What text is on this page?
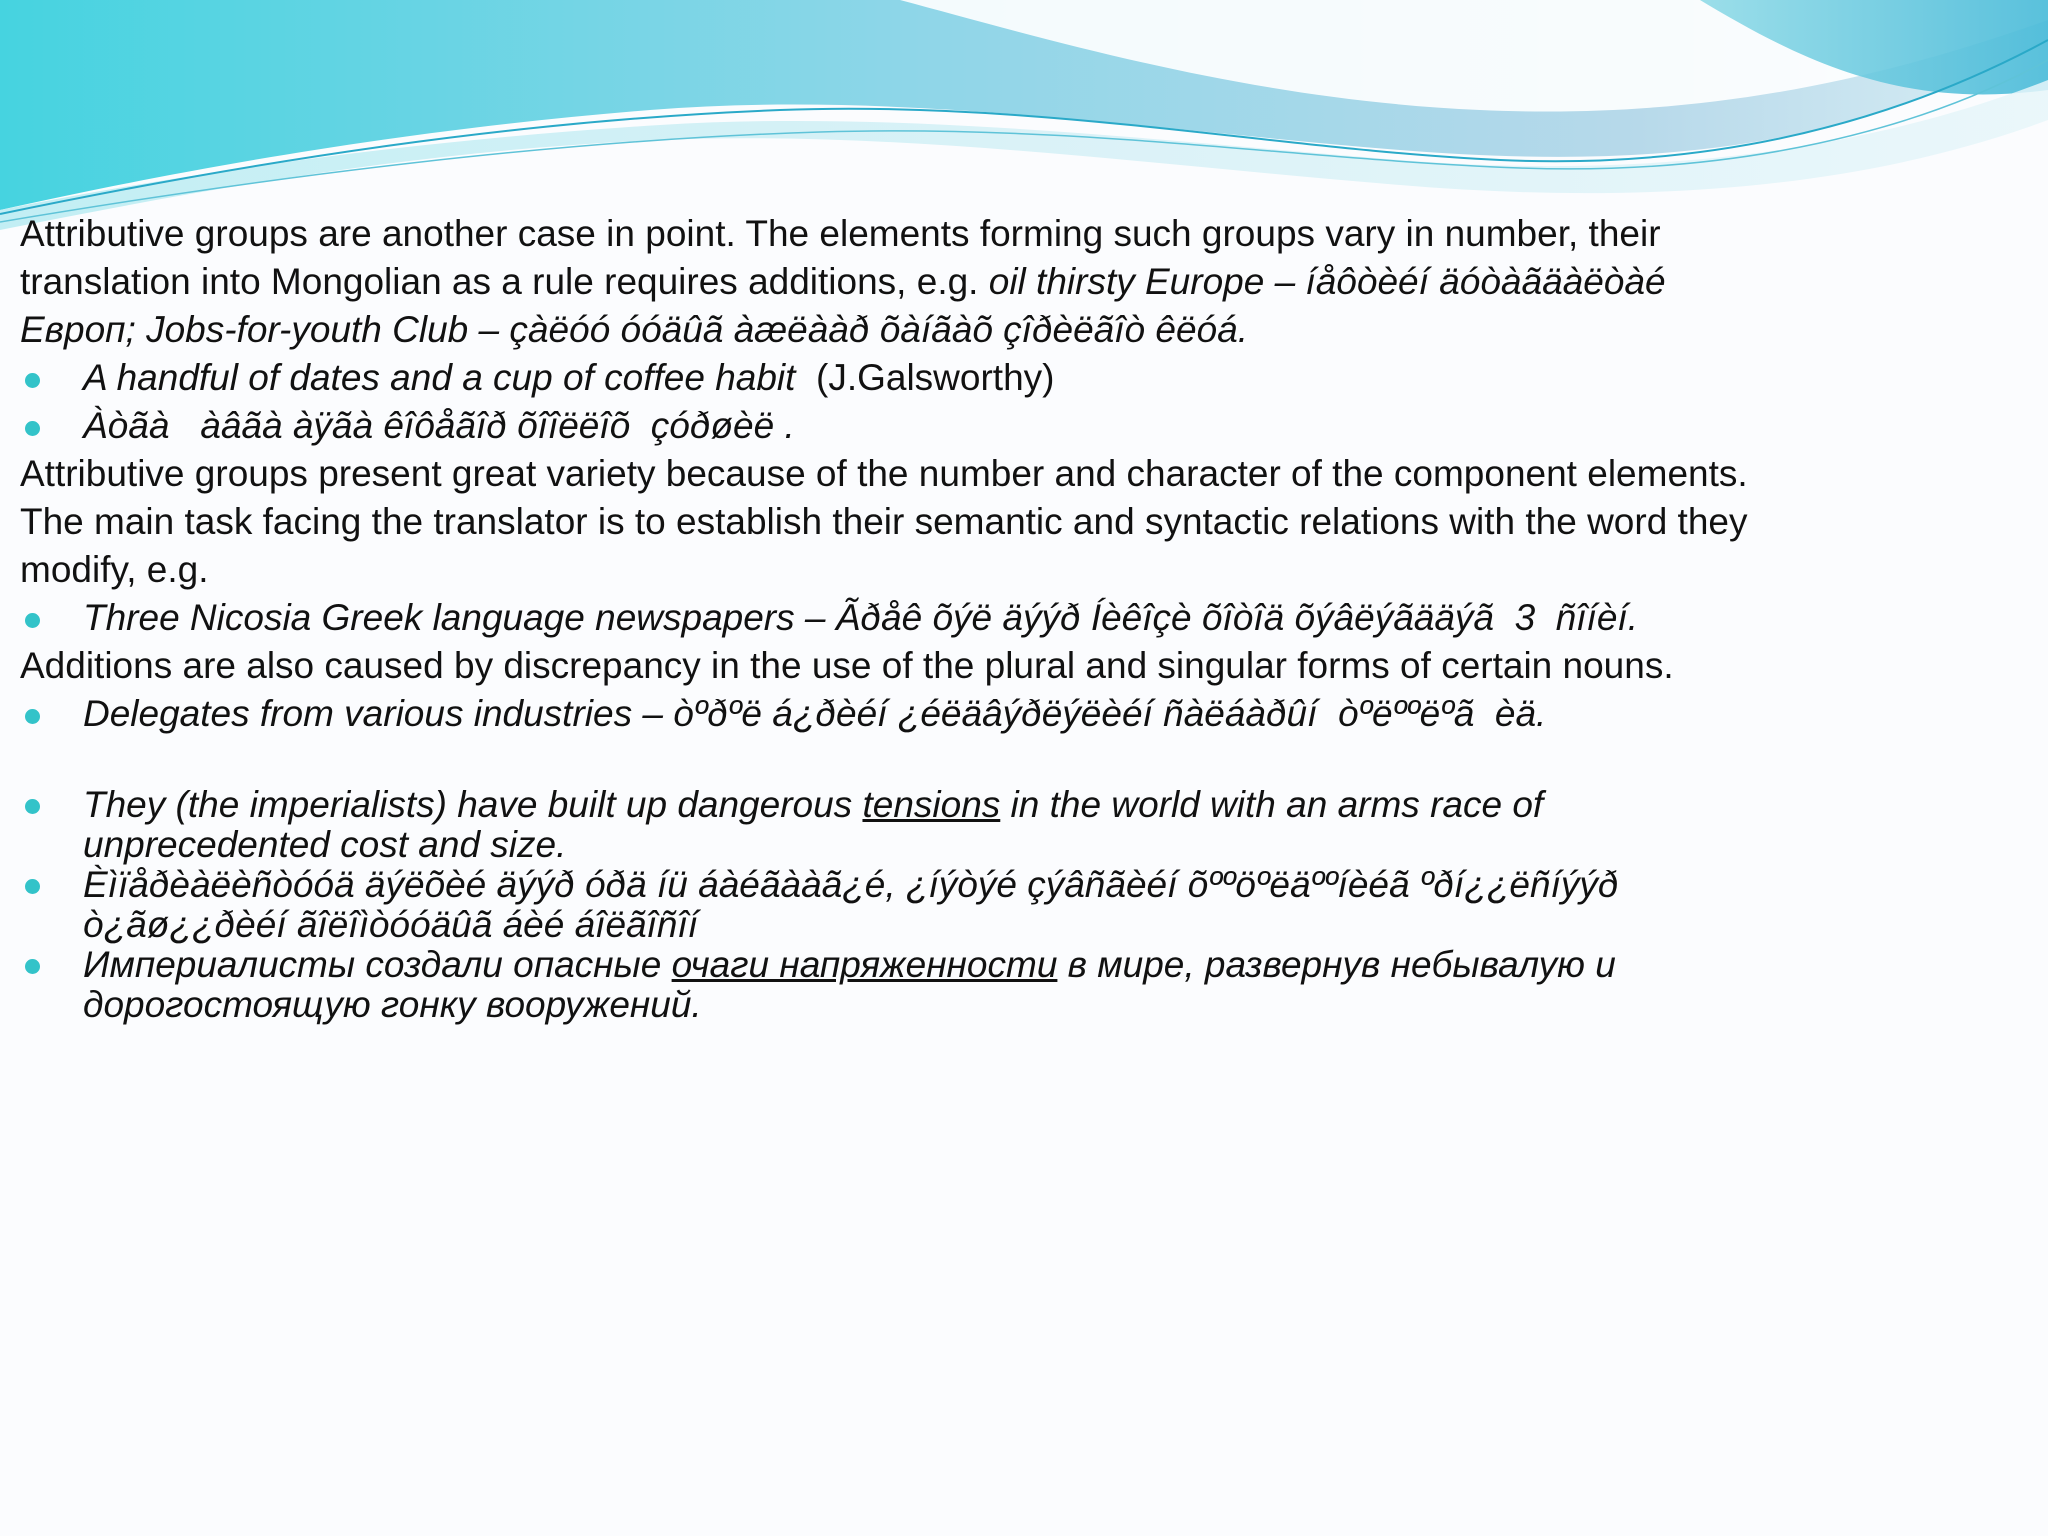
Attributive groups are another case in point. The elements forming such groups vary in number, their translation into Mongolian as a rule requires additions, e.g. oil thirsty Europe – íåôòèéí äóòàãäàëòàé Европ; Jobs-for-youth Club – çàëóó óóäûã àæëààð õàíãàõ çîðèëãîò êëóá.

A handful of dates and a cup of coffee habit  (J.Galsworthy)
Àòãà   àâãà àÿãà êîôåãîð õîîëëîõ  çóðøèë .

Attributive groups present great variety because of the number and character of the component elements. The main task facing the translator is to establish their semantic and syntactic relations with the word they modify, e.g.

Three Nicosia Greek language newspapers – Ãðåê õýë äýýð Íèêîçè õîòîä õýâëýãääýã  3  ñîíèí.

Additions are also caused by discrepancy in the use of the plural and singular forms of certain nouns.

Delegates from various industries – òºðºë á¿ðèéí ¿éëäâýðëýëèéí ñàëáàðûí  òºëººëºã  èä.
They (the imperialists) have built up dangerous tensions in the world with an arms race of unprecedented cost and size.
Èìïåðèàëèñòóóä äýëõèé äýýð óðä íü áàéãààã¿é, ¿íýòýé çýâñãèéí õººöºëäººíèéã ºðí¿¿ëñíýýð ò¿ãø¿¿ðèéí ãîëîìòóóäûã áèé áîëãîñîí
Империалисты создали опасные очаги напряженности в мире, развернув небывалую и дорогостоящую гонку вооружений.
